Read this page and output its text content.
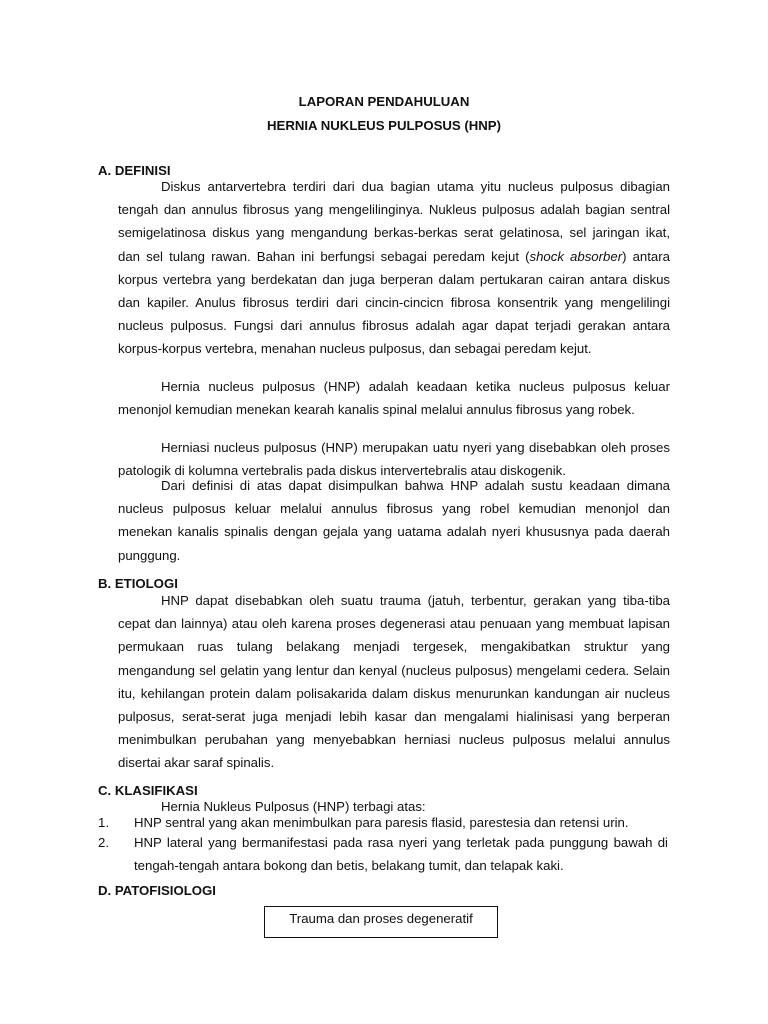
LAPORAN PENDAHULUAN
HERNIA NUKLEUS PULPOSUS (HNP)
A. DEFINISI

Diskus antarvertebra terdiri dari dua bagian utama yitu nucleus pulposus dibagian tengah dan annulus fibrosus yang mengelilinginya. Nukleus pulposus adalah bagian sentral semigelatinosa diskus yang mengandung berkas-berkas serat gelatinosa, sel jaringan ikat, dan sel tulang rawan. Bahan ini berfungsi sebagai peredam kejut (shock absorber) antara korpus vertebra yang berdekatan dan juga berperan dalam pertukaran cairan antara diskus dan kapiler. Anulus fibrosus terdiri dari cincin-cincicn fibrosa konsentrik yang mengelilingi nucleus pulposus. Fungsi dari annulus fibrosus adalah agar dapat terjadi gerakan antara korpus-korpus vertebra, menahan nucleus pulposus, dan sebagai peredam kejut.

Hernia nucleus pulposus (HNP) adalah keadaan ketika nucleus pulposus keluar menonjol kemudian menekan kearah kanalis spinal melalui annulus fibrosus yang robek.

Herniasi nucleus pulposus (HNP) merupakan uatu nyeri yang disebabkan oleh proses patologik di kolumna vertebralis pada diskus intervertebralis atau diskogenik.

Dari definisi di atas dapat disimpulkan bahwa HNP adalah sustu keadaan dimana nucleus pulposus keluar melalui annulus fibrosus yang robel kemudian menonjol dan menekan kanalis spinalis dengan gejala yang uatama adalah nyeri khususnya pada daerah punggung.

B. ETIOLOGI

HNP dapat disebabkan oleh suatu trauma (jatuh, terbentur, gerakan yang tiba-tiba cepat dan lainnya) atau oleh karena proses degenerasi atau penuaan yang membuat lapisan permukaan ruas tulang belakang menjadi tergesek, mengakibatkan struktur yang mengandung sel gelatin yang lentur dan kenyal (nucleus pulposus) mengelami cedera. Selain itu, kehilangan protein dalam polisakarida dalam diskus menurunkan kandungan air nucleus pulposus, serat-serat juga menjadi lebih kasar dan mengalami hialinisasi yang berperan menimbulkan perubahan yang menyebabkan herniasi nucleus pulposus melalui annulus disertai akar saraf spinalis.

C. KLASIFIKASI

Hernia Nukleus Pulposus (HNP) terbagi atas:

1. HNP sentral yang akan menimbulkan para paresis flasid, parestesia dan retensi urin.
2. HNP lateral yang bermanifestasi pada rasa nyeri yang terletak pada punggung bawah di tengah-tengah antara bokong dan betis, belakang tumit, dan telapak kaki.
D. PATOFISIOLOGI
Trauma dan proses degeneratif
